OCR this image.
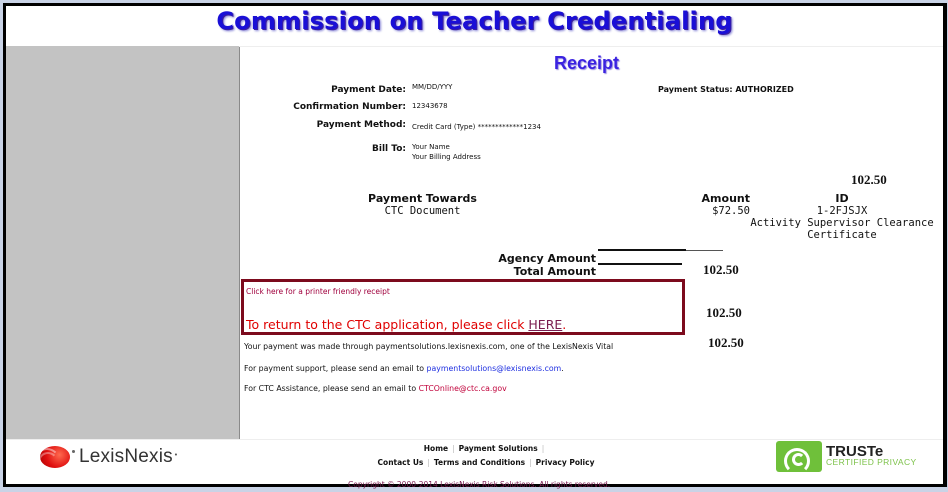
Commission on Teacher Credentialing
Receipt
Payment Date: MM/DD/YYY
Confirmation Number: 12343678
Payment Method: Credit Card (Type) *************1234
Bill To: Your Name
Your Billing Address
Payment Status: AUTHORIZED
102.50
Payment Towards	Amount	ID
CTC Document	$72.50	1-2FJSJX
Activity Supervisor Clearance
Certificate
Agency Amount
Total Amount	102.50
Click here for a printer friendly receipt
To return to the CTC application, please click HERE.
102.50
102.50
Your payment was made through paymentsolutions.lexisnexis.com, one of the LexisNexis Vital
For payment support, please send an email to paymentsolutions@lexisnexis.com.
For CTC Assistance, please send an email to CTCOnline@ctc.ca.gov
LexisNexis •
Home | Payment Solutions |
Contact Us | Terms and Conditions | Privacy Policy
Copyright © 2000-2014 LexisNexis Risk Solutions. All rights reserved.
TRUSTe
CERTIFIED PRIVACY
